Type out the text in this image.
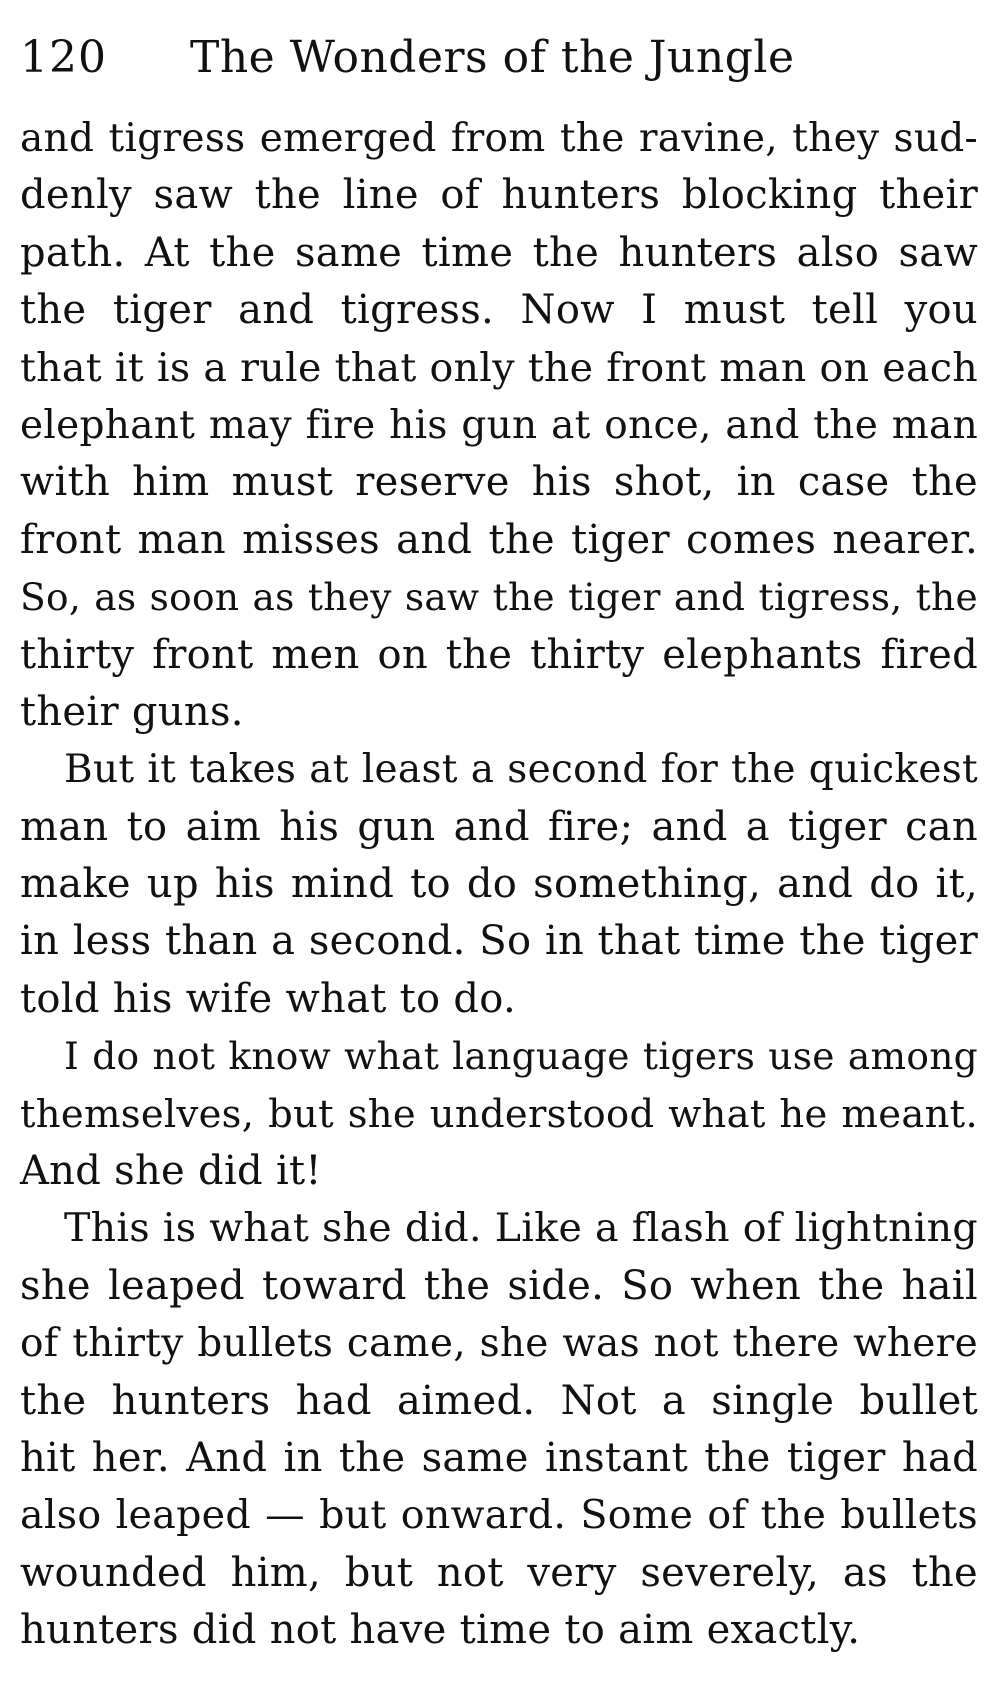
120 The Wonders of the Jungle
and tigress emerged from the ravine, they sud-
denly saw the line of hunters blocking their
path. At the same time the hunters also saw
the tiger and tigress. Now I must tell you
that it is a rule that only the front man on each
elephant may fire his gun at once, and the man
with him must reserve his shot, in case the
front man misses and the tiger comes nearer.
So, as soon as they saw the tiger and tigress, the
thirty front men on the thirty elephants fired
their guns.
But it takes at least a second for the quickest
man to aim his gun and fire; and a tiger can
make up his mind to do something, and do it,
in less than a second. So in that time the tiger
told his wife what to do.
I do not know what language tigers use among
themselves, but she understood what he meant.
And she did it!
This is what she did. Like a flash of lightning
she leaped toward the side. So when the hail
of thirty bullets came, she was not there where
the hunters had aimed. Not a single bullet
hit her. And in the same instant the tiger had
also leaped — but onward. Some of the bullets
wounded him, but not very severely, as the
hunters did not have time to aim exactly.
